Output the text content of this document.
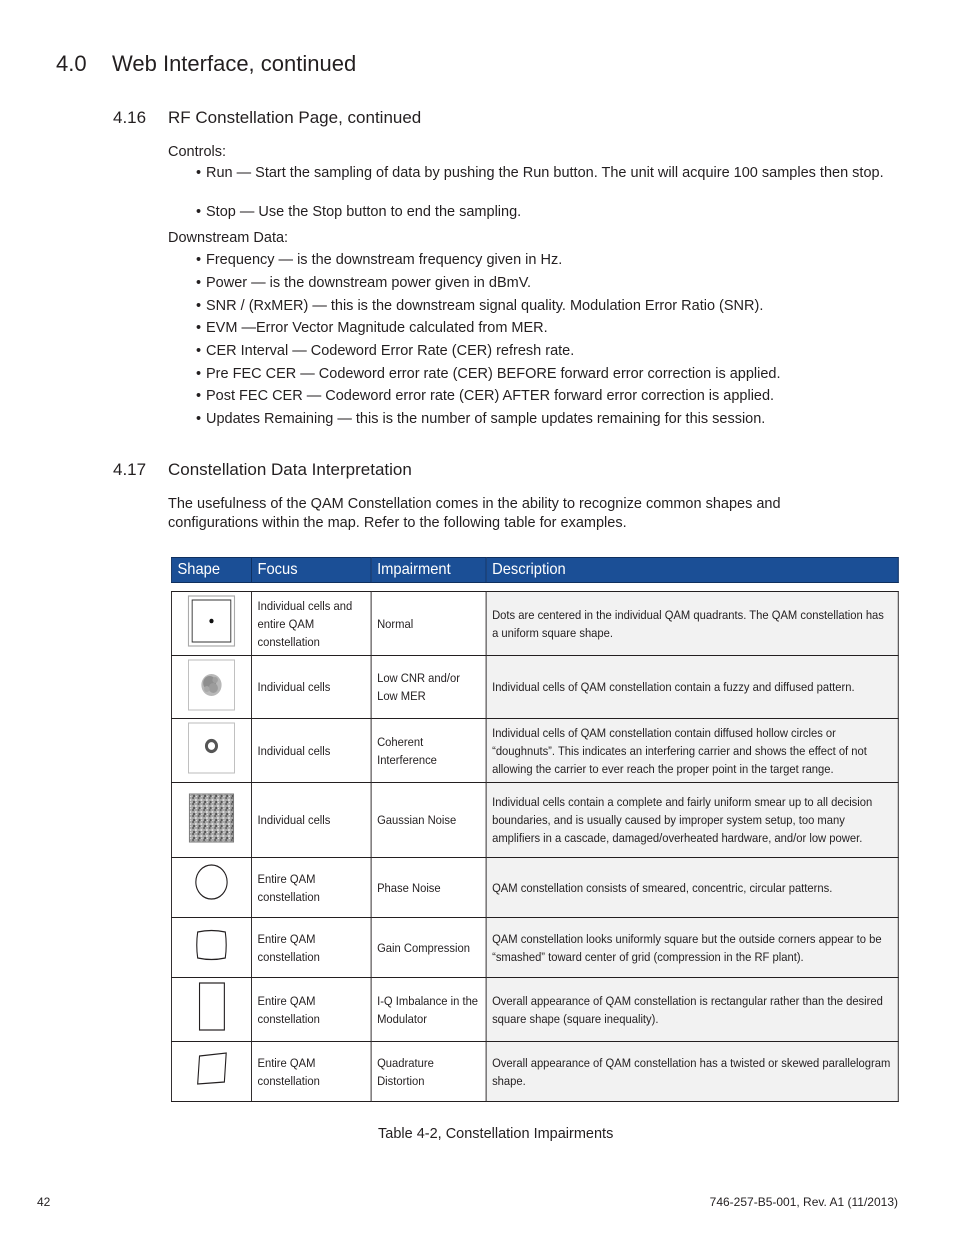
4.0 Web Interface, continued
4.16 RF Constellation Page, continued
Controls:
• Run — Start the sampling of data by pushing the Run button. The unit will acquire 100 samples then stop.
• Stop — Use the Stop button to end the sampling.
Downstream Data:
• Frequency — is the downstream frequency given in Hz.
• Power — is the downstream power given in dBmV.
• SNR / (RxMER) — this is the downstream signal quality. Modulation Error Ratio (SNR).
• EVM —Error Vector Magnitude calculated from MER.
• CER Interval — Codeword Error Rate (CER) refresh rate.
• Pre FEC CER — Codeword error rate (CER) BEFORE forward error correction is applied.
• Post FEC CER — Codeword error rate (CER) AFTER forward error correction is applied.
• Updates Remaining — this is the number of sample updates remaining for this session.
4.17 Constellation Data Interpretation
The usefulness of the QAM Constellation comes in the ability to recognize common shapes and configurations within the map. Refer to the following table for examples.
Shape	Focus	Impairment	Description

	Individual cells and entire QAM constellation	Normal	Dots are centered in the individual QAM quadrants. The QAM constellation has a uniform square shape.
	Individual cells	Low CNR and/or Low MER	Individual cells of QAM constellation contain a fuzzy and diffused pattern.
	Individual cells	Coherent Interference	Individual cells of QAM constellation contain diffused hollow circles or “doughnuts”. This indicates an interfering carrier and shows the effect of not allowing the carrier to ever reach the proper point in the target range.
	Individual cells	Gaussian Noise	Individual cells contain a complete and fairly uniform smear up to all decision boundaries, and is usually caused by improper system setup, too many amplifiers in a cascade, damaged/overheated hardware, and/or low power.
	Entire QAM constellation	Phase Noise	QAM constellation consists of smeared, concentric, circular patterns.
	Entire QAM constellation	Gain Compression	QAM constellation looks uniformly square but the outside corners appear to be “smashed” toward center of grid (compression in the RF plant).
	Entire QAM constellation	I-Q Imbalance in the Modulator	Overall appearance of QAM constellation is rectangular rather than the desired square shape (square inequality).
	Entire QAM constellation	Quadrature Distortion	Overall appearance of QAM constellation has a twisted or skewed parallelogram shape.
Table 4-2, Constellation Impairments
42	746-257-B5-001, Rev. A1 (11/2013)
